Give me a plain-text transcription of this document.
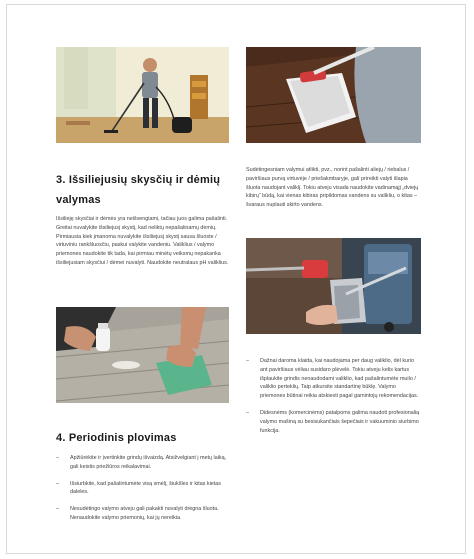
3. Išsiliejusių skysčių ir dėmių valymas

Išsilieję skysčiai ir dėmės yra neišvengiami, tačiau juos galima pašalinti. Greitai nuvalykite išsiliejusį skystį, kad neliktų nepašalinamų dėmių. Pirmiausia kiek įmanoma nuvalykite išsiliejusį skystį sausa šluoste / virtuviniu rankšluosčiu, paskui valykite vandeniu. Valiklius / valymo priemones naudokite tik tada, kai pirmiau minėtų veiksmų nepakanka išsiliejusiam skysčiui / dėmei nuvalyti. Naudokite neutralaus pH valiklius.

Sudėtingesniam valymui atlikti, pvz., norint pašalinti aliejų / riebalus / paviršiaus purvą virtuvėje / priešakmbaryje, galí prireikti valyti šlapia šluota naudojant valiklį. Tokiu atveju visada naudokite vadinamąjį „dviejų kibirų“ būdą, kai vienas kibiras pripildomas vandens su valikliu, o kitas – švaraus nuplauti skirto vandens.

– Dažnai daroma klaida, kai naudojama per daug valiklio, dėl kurio ant paviršiaus vėliau susidaro plėvelė. Tokiu atveju kelis kartus išplaukite grindis nenaudodami valiklio, kad pašalintumėte muilo / valiklio perteklių. Taip atkursite standartinę būklę. Valymo priemones būtinai reikia atskiesti pagal gamintojų rekomendacijas.
– Didesnėms (komercinėms) patalpoms galima naudoti profesionalią valymo mašiną su besisukančiais šepečiais ir vakuuminio siurbimo funkcija.
4. Periodinis plovimas
– Apžiūrėkite ir įvertinkite grindų išvaizdą. Atsižvelgiant į metų laiką, gali keistis priežiūros reikalavimai.
– Išsiurbkite, kad pašalintumėte visą smėlį, šiukšles ir kitas kietas daleles.
– Nesudėtingo valymo atveju gali pakakti nuvalyti drėgna šluota. Nenaudokite valymo priemonių, kai jų nereikia.
